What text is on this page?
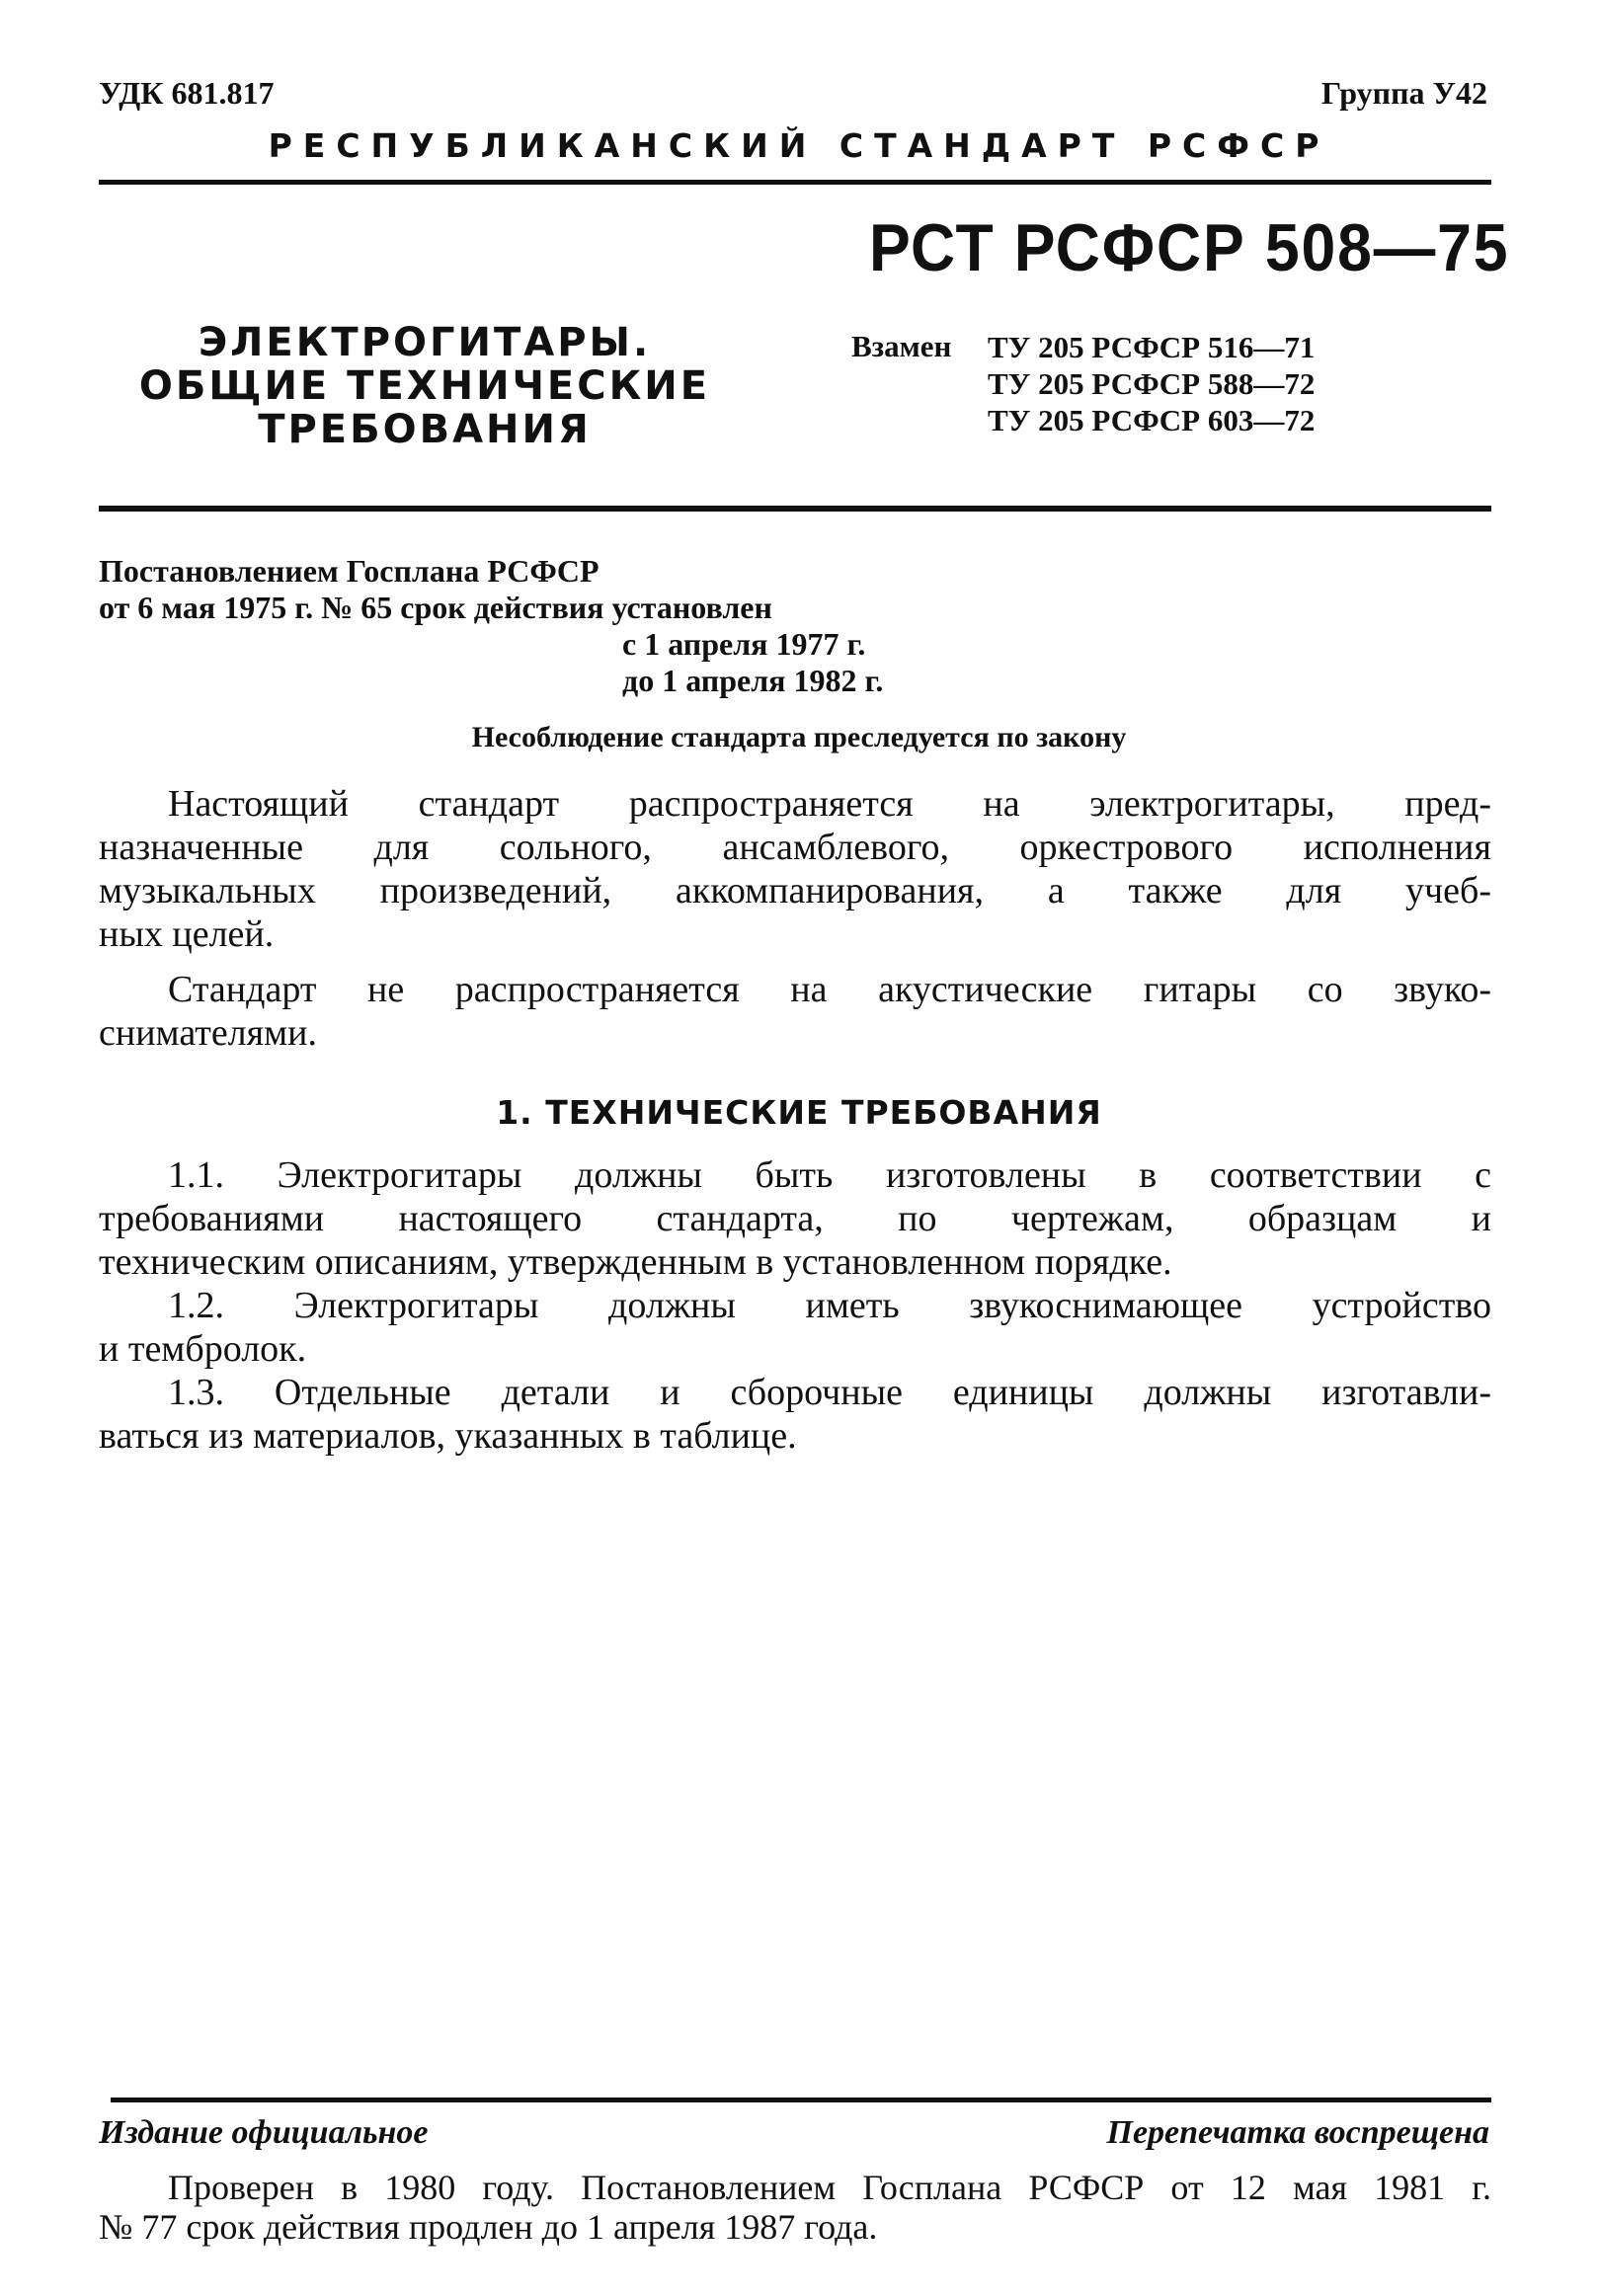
УДК 681.817	Группа У42
РЕСПУБЛИКАНСКИЙ СТАНДАРТ РСФСР
РСТ РСФСР 508—75
ЭЛЕКТРОГИТАРЫ.
ОБЩИЕ ТЕХНИЧЕСКИЕ
ТРЕБОВАНИЯ
Взамен ТУ 205 РСФСР 516—71
ТУ 205 РСФСР 588—72
ТУ 205 РСФСР 603—72
Постановлением Госплана РСФСР
от 6 мая 1975 г. № 65 срок действия установлен
с 1 апреля 1977 г.
до 1 апреля 1982 г.
Несоблюдение стандарта преследуется по закону
Настоящий стандарт распространяется на электрогитары, пред-
назначенные для сольного, ансамблевого, оркестрового исполнения
музыкальных произведений, аккомпанирования, а также для учеб-
ных целей.
Стандарт не распространяется на акустические гитары со звуко-
снимателями.
1. ТЕХНИЧЕСКИЕ ТРЕБОВАНИЯ
1.1. Электрогитары должны быть изготовлены в соответствии с
требованиями настоящего стандарта, по чертежам, образцам и
техническим описаниям, утвержденным в установленном порядке.
1.2. Электрогитары должны иметь звукоснимающее устройство
и тембролок.
1.3. Отдельные детали и сборочные единицы должны изготавли-
ваться из материалов, указанных в таблице.
Издание официальное	Перепечатка воспрещена
Проверен в 1980 году. Постановлением Госплана РСФСР от 12 мая 1981 г.
№ 77 срок действия продлен до 1 апреля 1987 года.
